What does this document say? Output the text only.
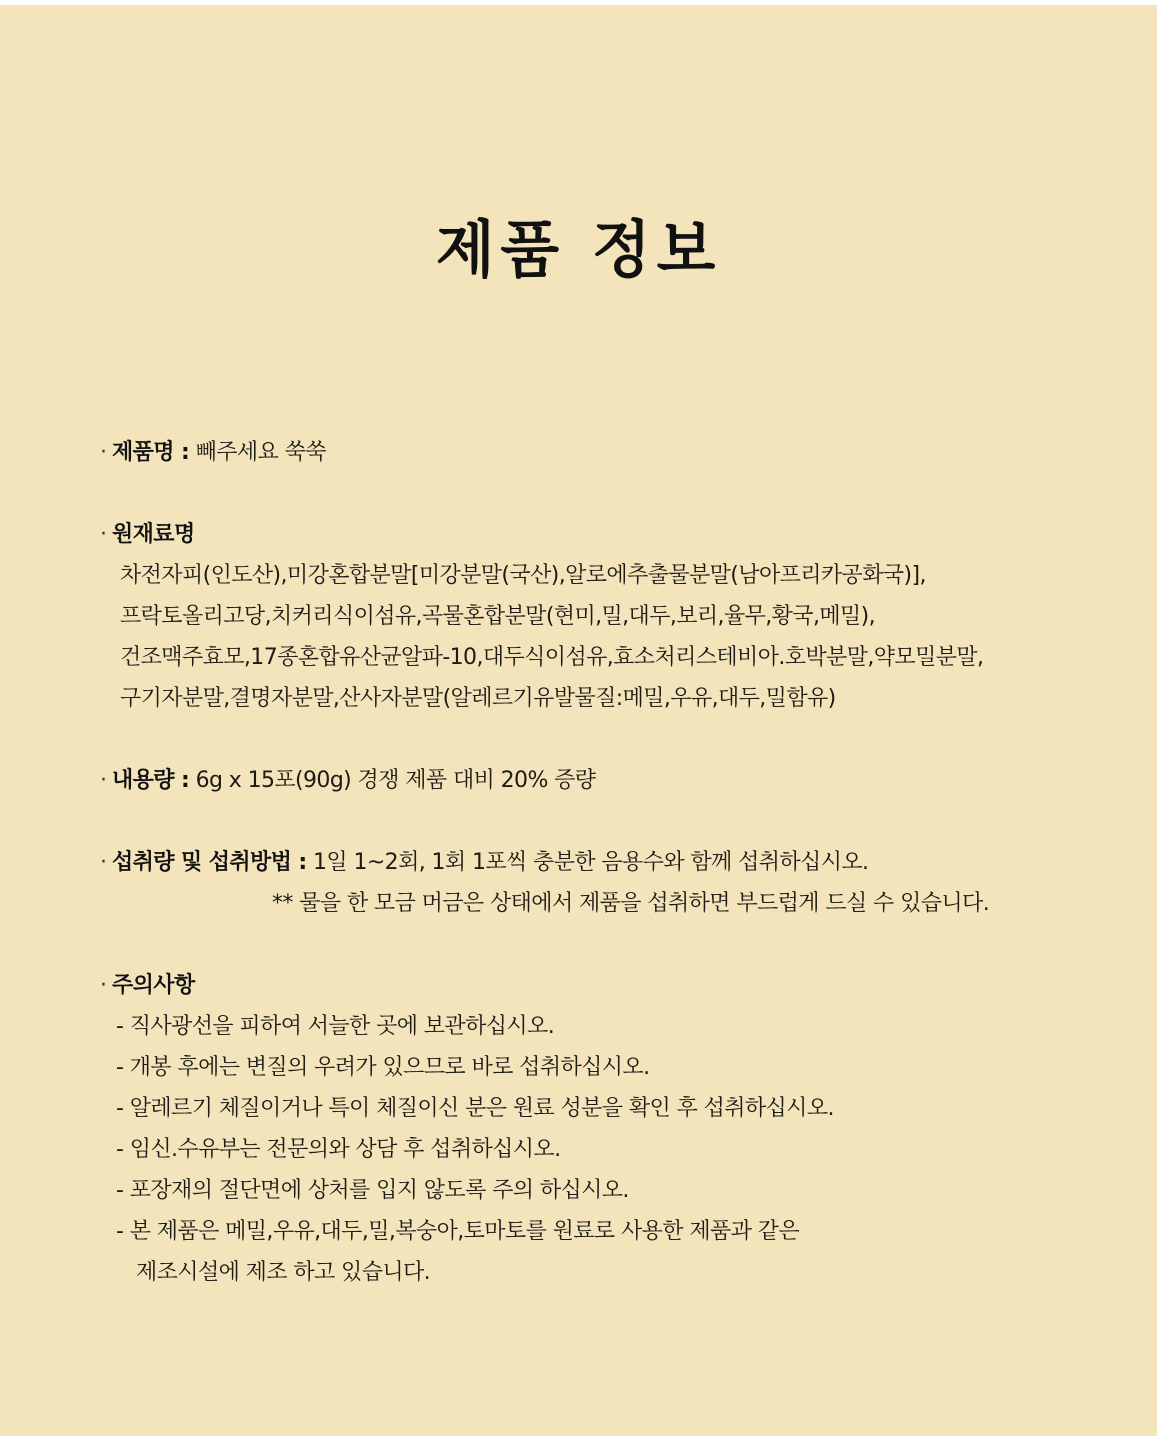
제품 정보
· 제품명 : 빼주세요 쑥쑥
· 원재료명
차전자피(인도산),미강혼합분말[미강분말(국산),알로에추출물분말(남아프리카공화국)],
프락토올리고당,치커리식이섬유,곡물혼합분말(현미,밀,대두,보리,율무,황국,메밀),
건조맥주효모,17종혼합유산균알파-10,대두식이섬유,효소처리스테비아.호박분말,약모밀분말,
구기자분말,결명자분말,산사자분말(알레르기유발물질:메밀,우유,대두,밀함유)
· 내용량 : 6g x 15포(90g) 경쟁 제품 대비 20% 증량
· 섭취량 및 섭취방법 : 1일 1~2회, 1회 1포씩 충분한 음용수와 함께 섭취하십시오.
** 물을 한 모금 머금은 상태에서 제품을 섭취하면 부드럽게 드실 수 있습니다.
· 주의사항
- 직사광선을 피하여 서늘한 곳에 보관하십시오.
- 개봉 후에는 변질의 우려가 있으므로 바로 섭취하십시오.
- 알레르기 체질이거나 특이 체질이신 분은 원료 성분을 확인 후 섭취하십시오.
- 임신.수유부는 전문의와 상담 후 섭취하십시오.
- 포장재의 절단면에 상처를 입지 않도록 주의 하십시오.
- 본 제품은 메밀,우유,대두,밀,복숭아,토마토를 원료로 사용한 제품과 같은
제조시설에 제조 하고 있습니다.
